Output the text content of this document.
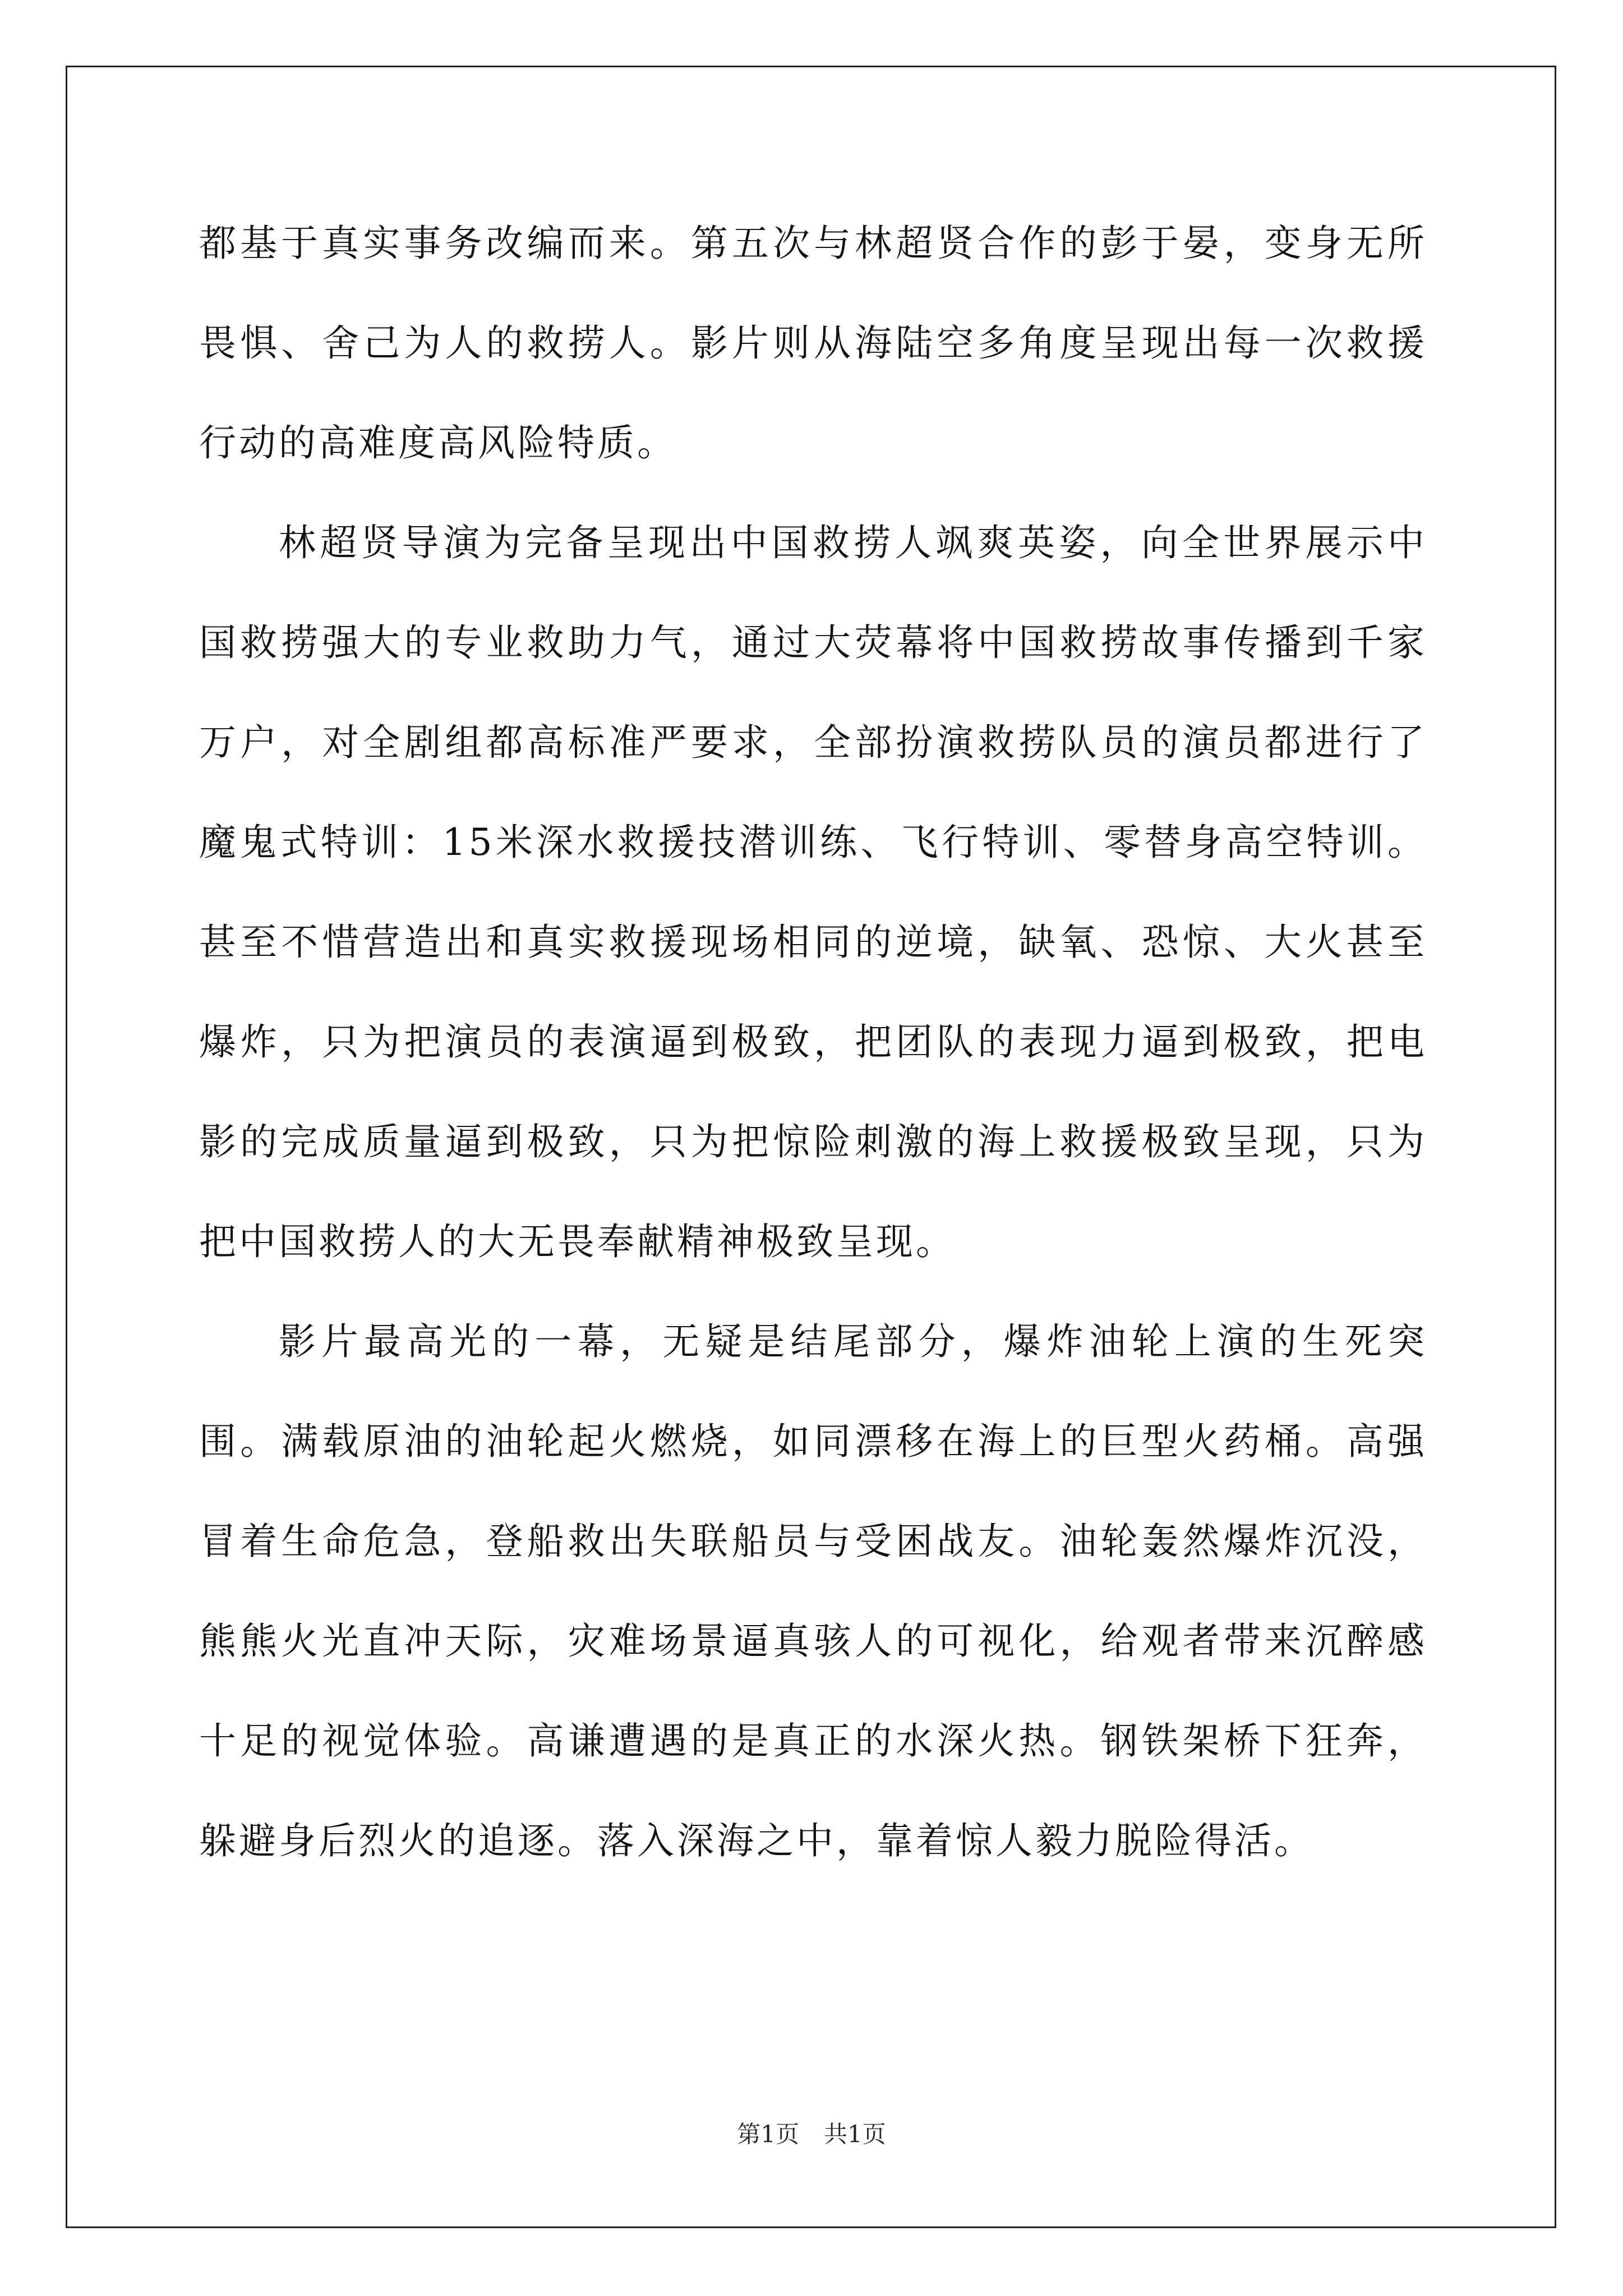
都基于真实事务改编而来。第五次与林超贤合作的彭于晏，变身无所畏惧、舍己为人的救捞人。影片则从海陆空多角度呈现出每一次救援行动的高难度高风险特质。

林超贤导演为完备呈现出中国救捞人飒爽英姿，向全世界展示中国救捞强大的专业救助力气，通过大荧幕将中国救捞故事传播到千家万户，对全剧组都高标准严要求，全部扮演救捞队员的演员都进行了魔鬼式特训：15米深水救援技潜训练、飞行特训、零替身高空特训。甚至不惜营造出和真实救援现场相同的逆境，缺氧、恐惊、大火甚至爆炸，只为把演员的表演逼到极致，把团队的表现力逼到极致，把电影的完成质量逼到极致，只为把惊险刺激的海上救援极致呈现，只为把中国救捞人的大无畏奉献精神极致呈现。

影片最高光的一幕，无疑是结尾部分，爆炸油轮上演的生死突围。满载原油的油轮起火燃烧，如同漂移在海上的巨型火药桶。高强冒着生命危急，登船救出失联船员与受困战友。油轮轰然爆炸沉没，熊熊火光直冲天际，灾难场景逼真骇人的可视化，给观者带来沉醉感十足的视觉体验。高谦遭遇的是真正的水深火热。钢铁架桥下狂奔，躲避身后烈火的追逐。落入深海之中，靠着惊人毅力脱险得活。

第1页 共1页
